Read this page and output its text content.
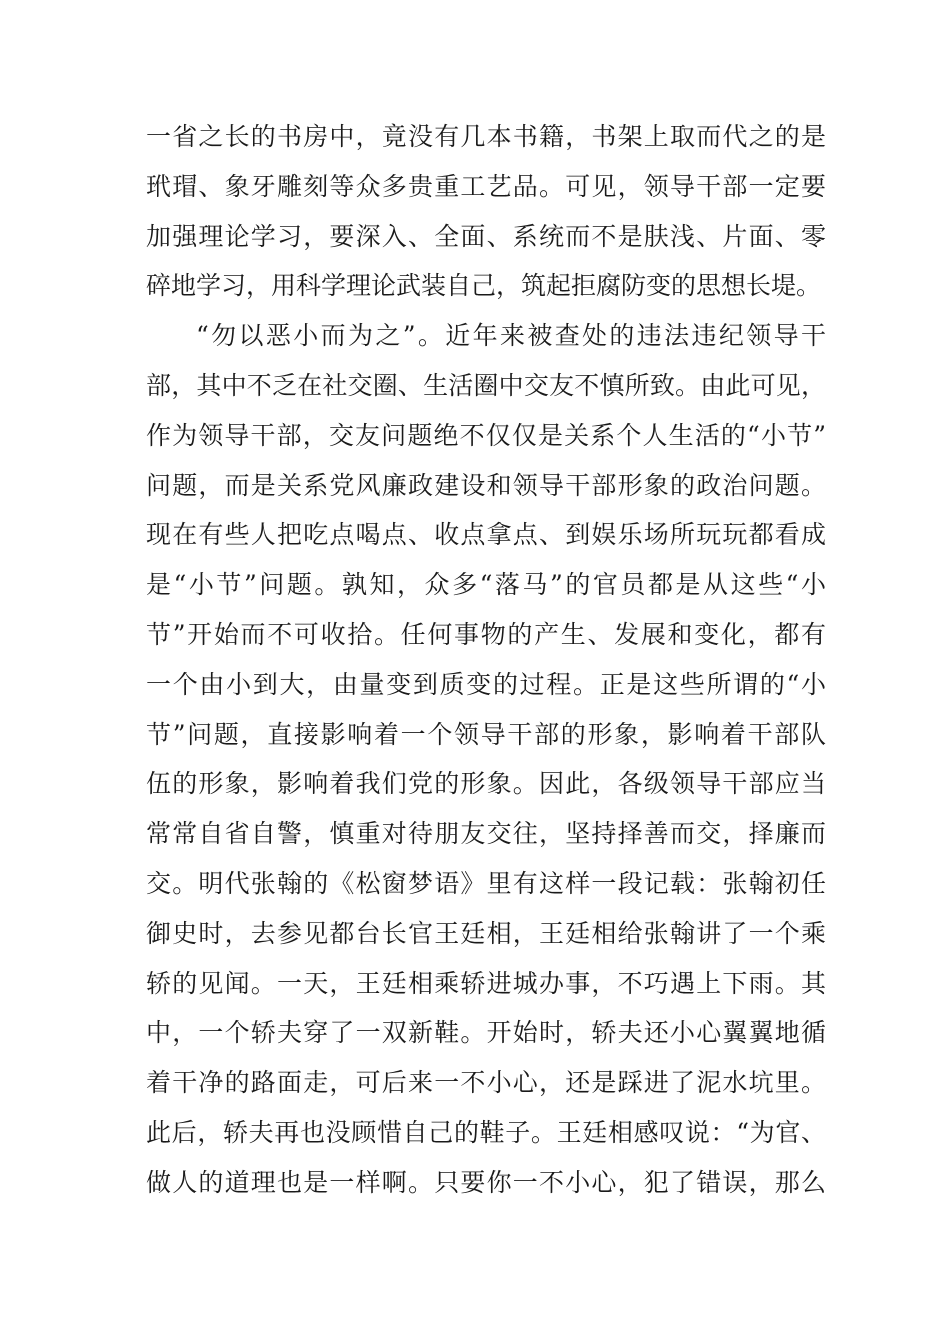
一省之长的书房中，竟没有几本书籍，书架上取而代之的是
玳瑁、象牙雕刻等众多贵重工艺品。可见，领导干部一定要
加强理论学习，要深入、全面、系统而不是肤浅、片面、零
碎地学习，用科学理论武装自己，筑起拒腐防变的思想长堤。
“勿以恶小而为之”。近年来被查处的违法违纪领导干
部，其中不乏在社交圈、生活圈中交友不慎所致。由此可见，
作为领导干部，交友问题绝不仅仅是关系个人生活的“小节”
问题，而是关系党风廉政建设和领导干部形象的政治问题。
现在有些人把吃点喝点、收点拿点、到娱乐场所玩玩都看成
是“小节”问题。孰知，众多“落马”的官员都是从这些“小
节”开始而不可收拾。任何事物的产生、发展和变化，都有
一个由小到大，由量变到质变的过程。正是这些所谓的“小
节”问题，直接影响着一个领导干部的形象，影响着干部队
伍的形象，影响着我们党的形象。因此，各级领导干部应当
常常自省自警，慎重对待朋友交往，坚持择善而交，择廉而
交。明代张翰的《松窗梦语》里有这样一段记载：张翰初任
御史时，去参见都台长官王廷相，王廷相给张翰讲了一个乘
轿的见闻。一天，王廷相乘轿进城办事，不巧遇上下雨。其
中，一个轿夫穿了一双新鞋。开始时，轿夫还小心翼翼地循
着干净的路面走，可后来一不小心，还是踩进了泥水坑里。
此后，轿夫再也没顾惜自己的鞋子。王廷相感叹说：“为官、
做人的道理也是一样啊。只要你一不小心，犯了错误，那么
